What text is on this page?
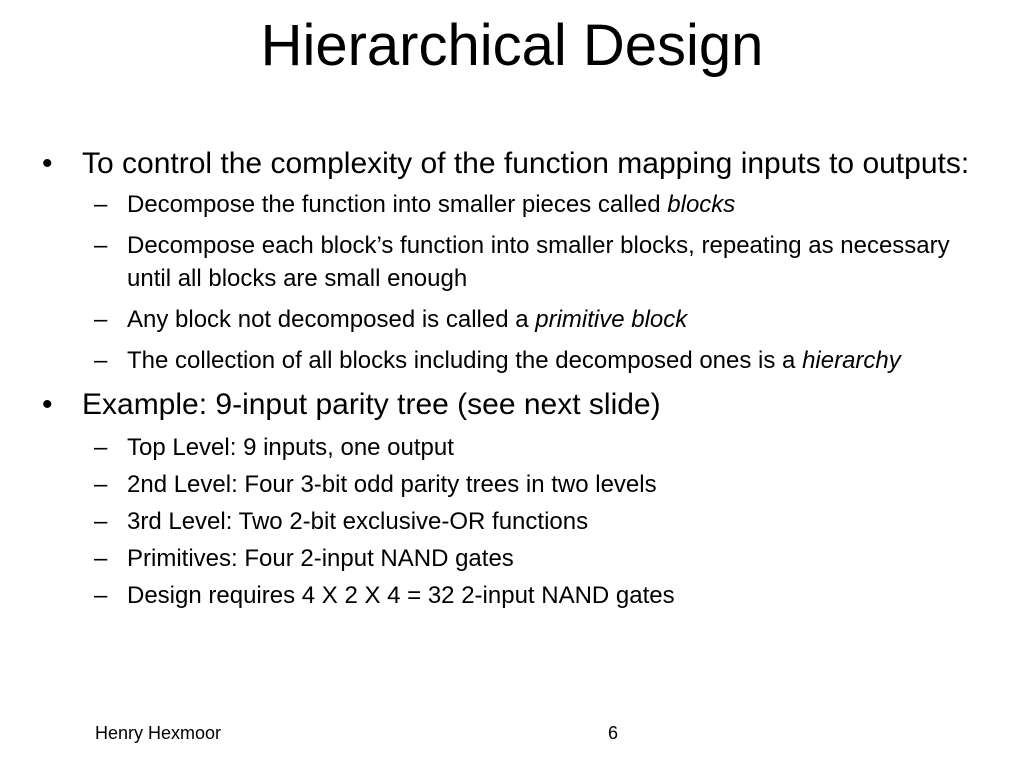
Hierarchical Design
• To control the complexity of the function mapping inputs to outputs:
– Decompose the function into smaller pieces called blocks
– Decompose each block’s function into smaller blocks, repeating as necessary until all blocks are small enough
– Any block not decomposed is called a primitive block
– The collection of all blocks including the decomposed ones is a hierarchy
• Example: 9-input parity tree (see next slide)
– Top Level: 9 inputs, one output
– 2nd Level: Four 3-bit odd parity trees in two levels
– 3rd Level: Two 2-bit exclusive-OR functions
– Primitives: Four 2-input NAND gates
– Design requires 4 X 2 X 4 = 32 2-input NAND gates
Henry Hexmoor	6
